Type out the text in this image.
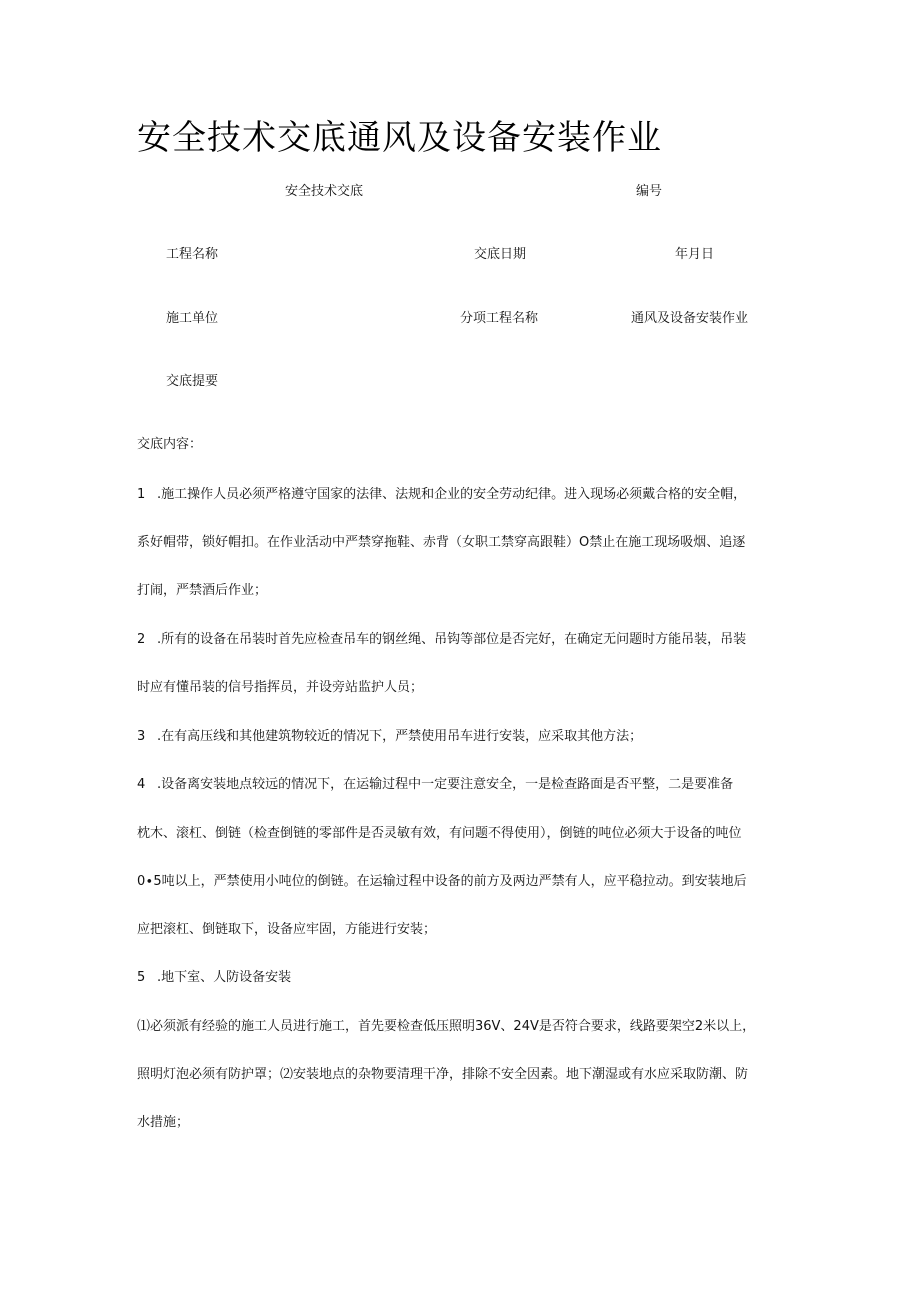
安全技术交底通风及设备安装作业
安全技术交底	编号
工程名称	交底日期	年月日
施工单位	分项工程名称	通风及设备安装作业
交底提要
交底内容：
1 .施工操作人员必须严格遵守国家的法律、法规和企业的安全劳动纪律。进入现场必须戴合格的安全帽，
系好帽带，锁好帽扣。在作业活动中严禁穿拖鞋、赤背（女职工禁穿高跟鞋）O禁止在施工现场吸烟、追逐
打闹，严禁酒后作业；
2 .所有的设备在吊装时首先应检查吊车的钢丝绳、吊钩等部位是否完好，在确定无问题时方能吊装，吊装
时应有懂吊装的信号指挥员，并设旁站监护人员；
3 .在有高压线和其他建筑物较近的情况下，严禁使用吊车进行安装，应采取其他方法；
4 .设备离安装地点较远的情况下，在运输过程中一定要注意安全，一是检查路面是否平整，二是要准备
枕木、滚杠、倒链（检查倒链的零部件是否灵敏有效，有问题不得使用），倒链的吨位必须大于设备的吨位
0∙5吨以上，严禁使用小吨位的倒链。在运输过程中设备的前方及两边严禁有人，应平稳拉动。到安装地后
应把滚杠、倒链取下，设备应牢固，方能进行安装；
5 .地下室、人防设备安装
⑴必须派有经验的施工人员进行施工，首先要检查低压照明36V、24V是否符合要求，线路要架空2米以上，
照明灯泡必须有防护罩；⑵安装地点的杂物要清理干净，排除不安全因素。地下潮湿或有水应采取防潮、防
水措施；
